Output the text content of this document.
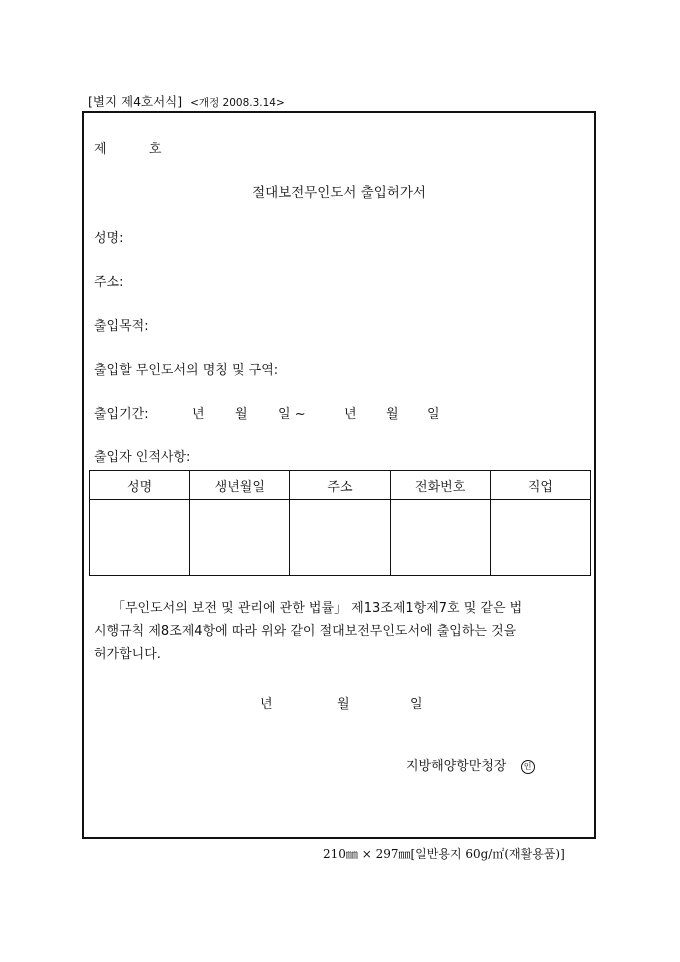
[별지 제4호서식] <개정 2008.3.14>
제	호
절대보전무인도서 출입허가서
성명:
주소:
출입목적:
출입할 무인도서의 명칭 및 구역:
출입기간:	년 월 일 ~	년 월 일
출입자 인적사항:
성명	생년월일	주소	전화번호	직업

「무인도서의 보전 및 관리에 관한 법률」 제13조제1항제7호 및 같은 법
시행규칙 제8조제4항에 따라 위와 같이 절대보전무인도서에 출입하는 것을
허가합니다.
년	월	일
지방해양항만청장 인
210㎜ × 297㎜[일반용지 60g/㎡(재활용품)]
